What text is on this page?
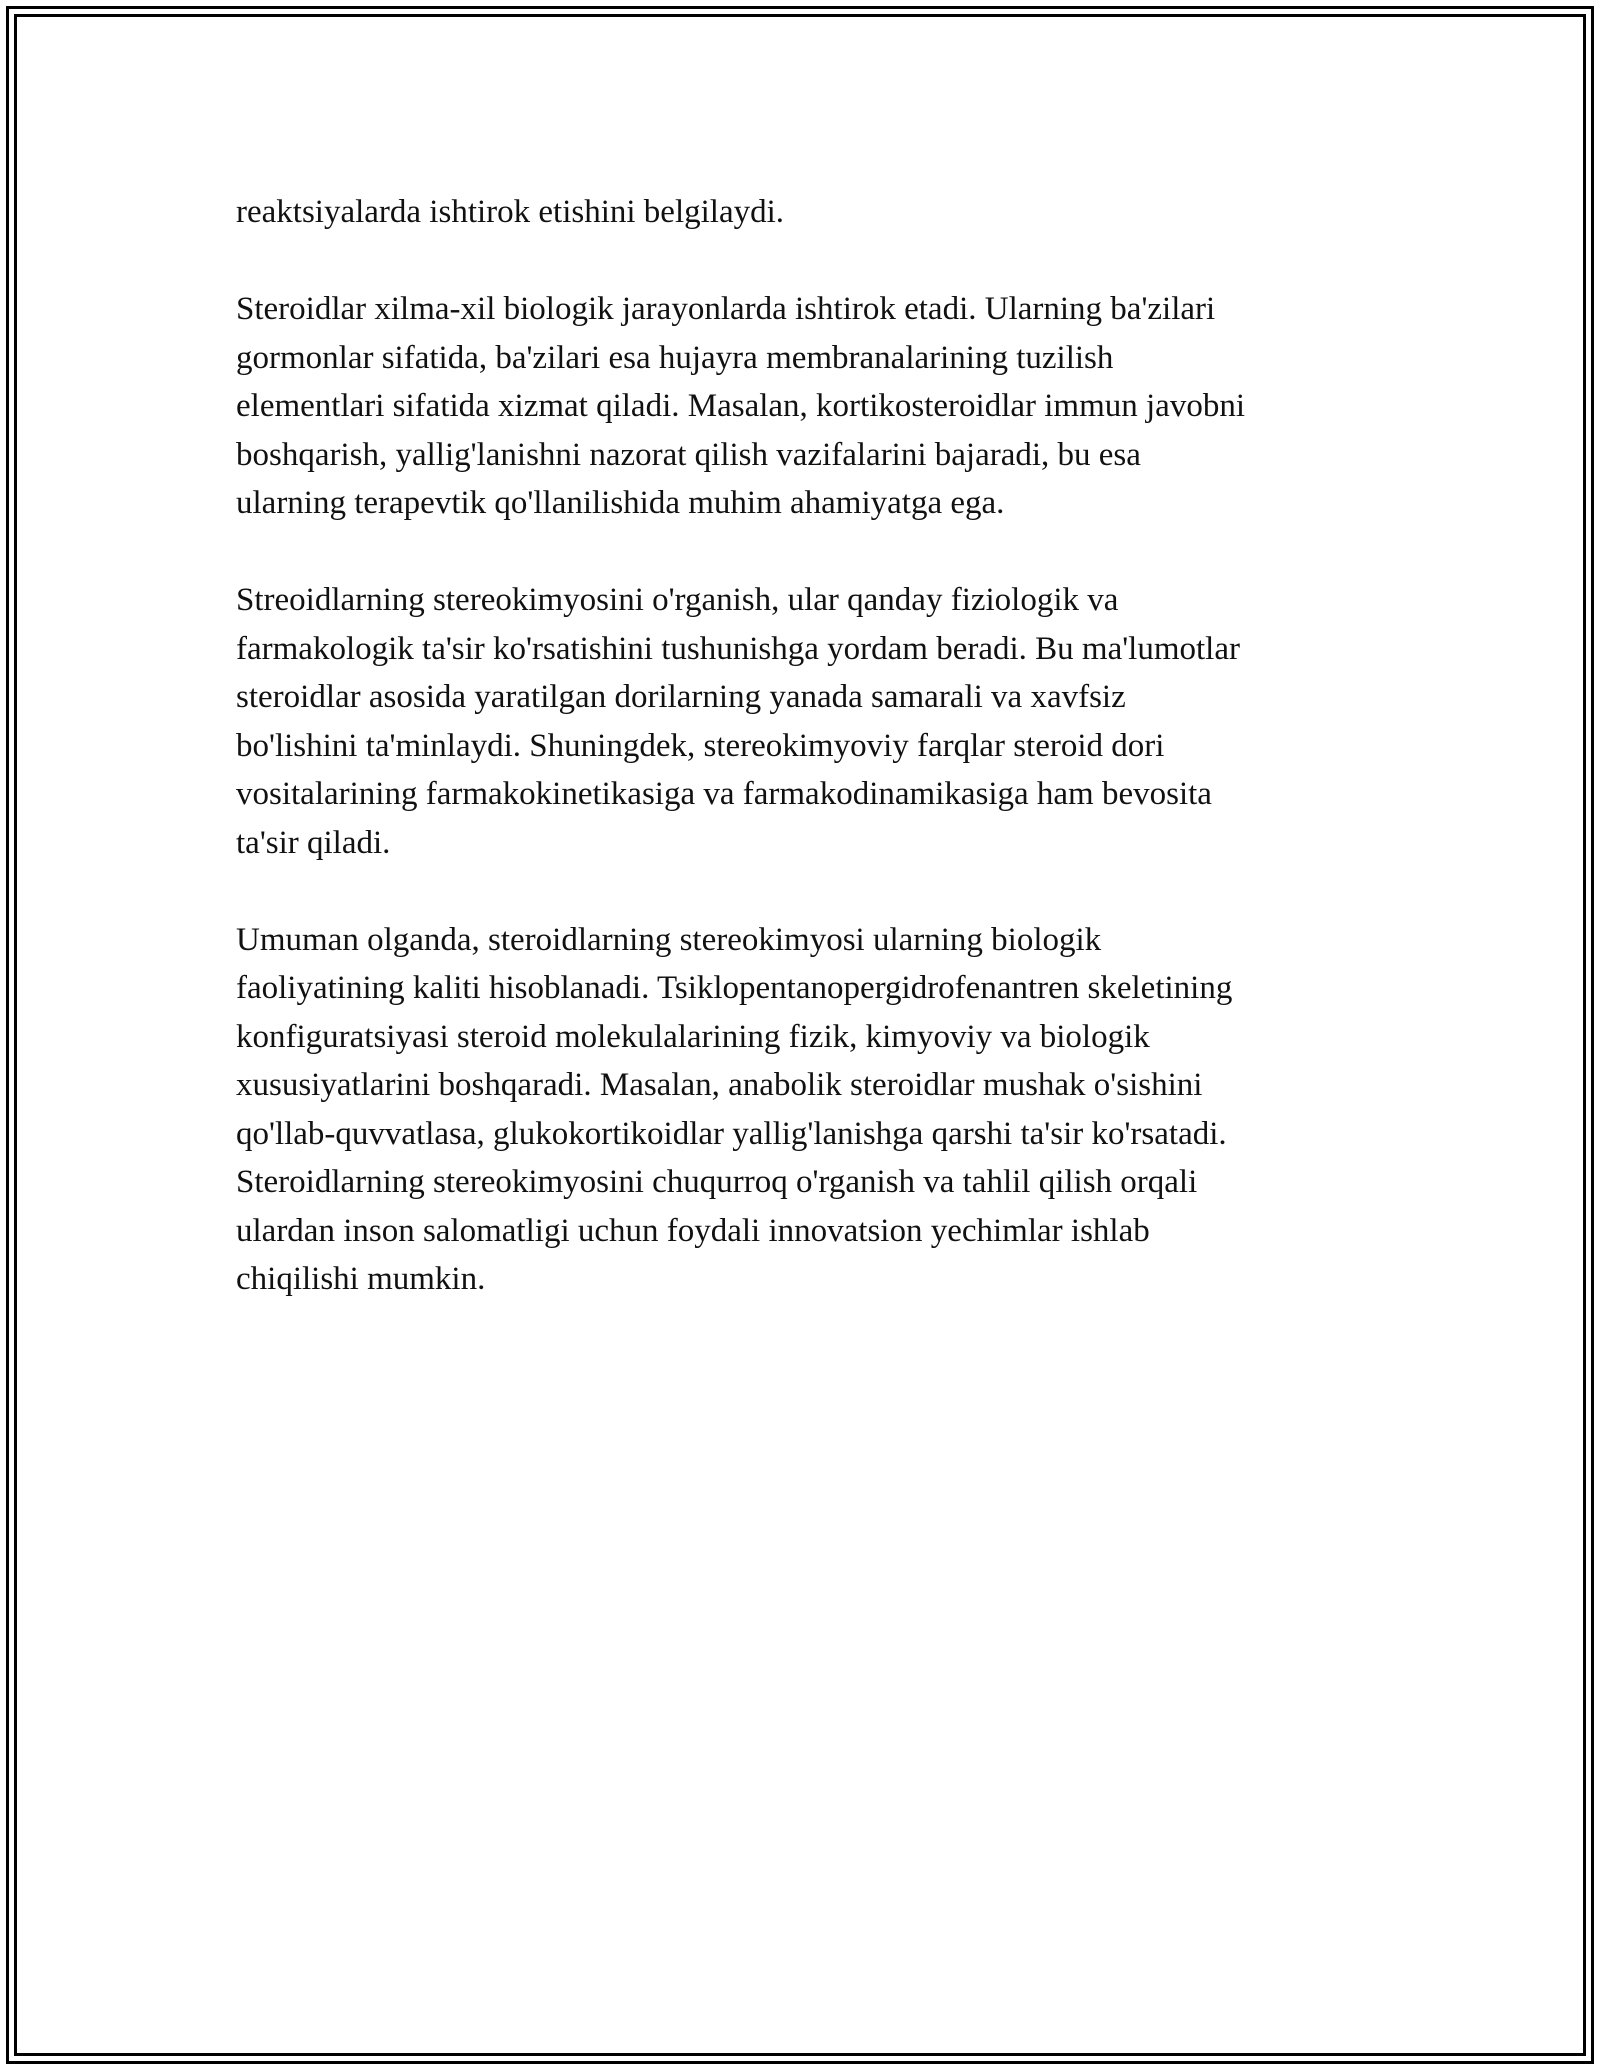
reaktsiyalarda ishtirok etishini belgilaydi.

Steroidlar xilma-xil biologik jarayonlarda ishtirok etadi. Ularning ba'zilari
gormonlar sifatida, ba'zilari esa hujayra membranalarining tuzilish
elementlari sifatida xizmat qiladi. Masalan, kortikosteroidlar immun javobni
boshqarish, yallig'lanishni nazorat qilish vazifalarini bajaradi, bu esa
ularning terapevtik qo'llanilishida muhim ahamiyatga ega.

Streoidlarning stereokimyosini o'rganish, ular qanday fiziologik va
farmakologik ta'sir ko'rsatishini tushunishga yordam beradi. Bu ma'lumotlar
steroidlar asosida yaratilgan dorilarning yanada samarali va xavfsiz
bo'lishini ta'minlaydi. Shuningdek, stereokimyoviy farqlar steroid dori
vositalarining farmakokinetikasiga va farmakodinamikasiga ham bevosita
ta'sir qiladi.

Umuman olganda, steroidlarning stereokimyosi ularning biologik
faoliyatining kaliti hisoblanadi. Tsiklopentanopergidrofenantren skeletining
konfiguratsiyasi steroid molekulalarining fizik, kimyoviy va biologik
xususiyatlarini boshqaradi. Masalan, anabolik steroidlar mushak o'sishini
qo'llab-quvvatlasa, glukokortikoidlar yallig'lanishga qarshi ta'sir ko'rsatadi.
Steroidlarning stereokimyosini chuqurroq o'rganish va tahlil qilish orqali
ulardan inson salomatligi uchun foydali innovatsion yechimlar ishlab
chiqilishi mumkin.
